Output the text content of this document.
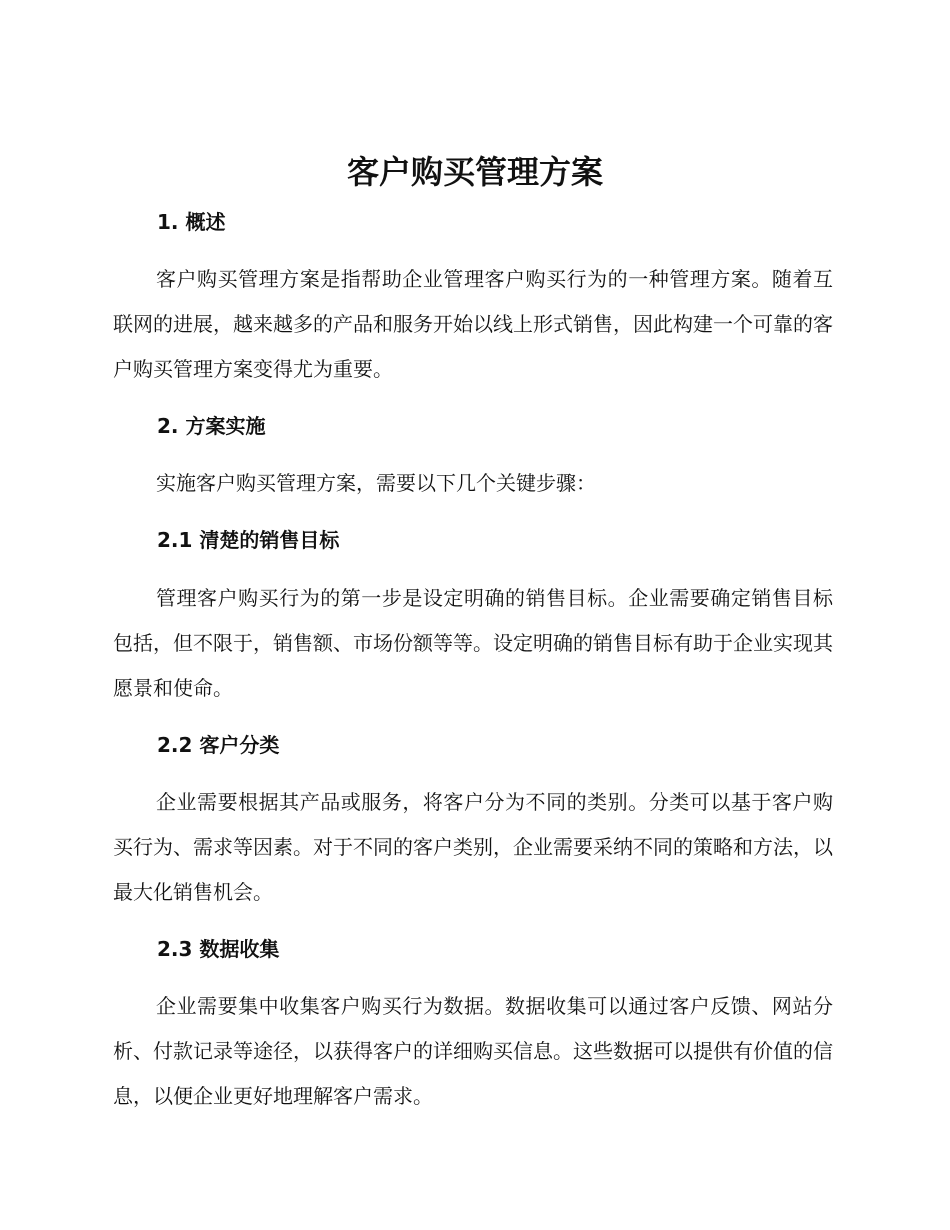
客户购买管理方案
1. 概述

客户购买管理方案是指帮助企业管理客户购买行为的一种管理方案。随着互联网的进展，越来越多的产品和服务开始以线上形式销售，因此构建一个可靠的客户购买管理方案变得尤为重要。

2. 方案实施

实施客户购买管理方案，需要以下几个关键步骤：

2.1 清楚的销售目标

管理客户购买行为的第一步是设定明确的销售目标。企业需要确定销售目标包括，但不限于，销售额、市场份额等等。设定明确的销售目标有助于企业实现其愿景和使命。

2.2 客户分类

企业需要根据其产品或服务，将客户分为不同的类别。分类可以基于客户购买行为、需求等因素。对于不同的客户类别，企业需要采纳不同的策略和方法，以最大化销售机会。

2.3 数据收集

企业需要集中收集客户购买行为数据。数据收集可以通过客户反馈、网站分析、付款记录等途径，以获得客户的详细购买信息。这些数据可以提供有价值的信息，以便企业更好地理解客户需求。
